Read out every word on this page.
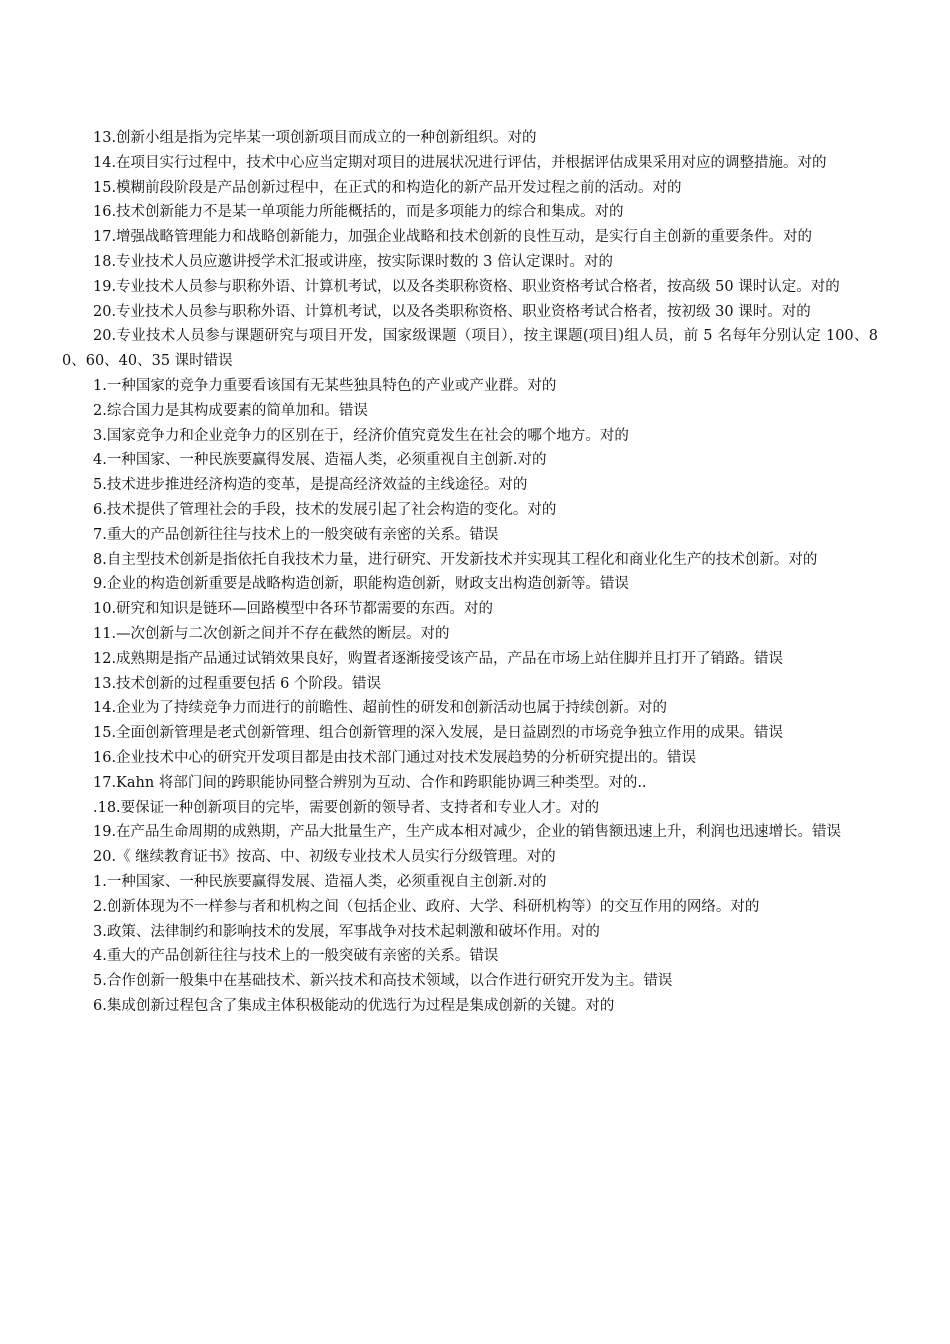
13.创新小组是指为完毕某一项创新项目而成立的一种创新组织。对的

14.在项目实行过程中，技术中心应当定期对项目的进展状况进行评估，并根据评估成果采用对应的调整措施。对的

15.模糊前段阶段是产品创新过程中，在正式的和构造化的新产品开发过程之前的活动。对的

16.技术创新能力不是某一单项能力所能概括的，而是多项能力的综合和集成。对的

17.增强战略管理能力和战略创新能力，加强企业战略和技术创新的良性互动，是实行自主创新的重要条件。对的

18.专业技术人员应邀讲授学术汇报或讲座，按实际课时数的 3 倍认定课时。对的

19.专业技术人员参与职称外语、计算机考试，以及各类职称资格、职业资格考试合格者，按高级 50 课时认定。对的

20.专业技术人员参与职称外语、计算机考试，以及各类职称资格、职业资格考试合格者，按初级 30 课时。对的

20.专业技术人员参与课题研究与项目开发，国家级课题（项目），按主课题(项目)组人员，前 5 名每年分别认定 100、80、60、40、35 课时错误

1.一种国家的竞争力重要看该国有无某些独具特色的产业或产业群。对的

2.综合国力是其构成要素的简单加和。错误

3.国家竞争力和企业竞争力的区别在于，经济价值究竟发生在社会的哪个地方。对的

4.一种国家、一种民族要赢得发展、造福人类，必须重视自主创新.对的

5.技术进步推进经济构造的变革，是提高经济效益的主线途径。对的

6.技术提供了管理社会的手段，技术的发展引起了社会构造的变化。对的

7.重大的产品创新往往与技术上的一般突破有亲密的关系。错误

8.自主型技术创新是指依托自我技术力量，进行研究、开发新技术并实现其工程化和商业化生产的技术创新。对的

9.企业的构造创新重要是战略构造创新，职能构造创新，财政支出构造创新等。错误

10.研究和知识是链环—回路模型中各环节都需要的东西。对的

11.—次创新与二次创新之间并不存在截然的断层。对的

12.成熟期是指产品通过试销效果良好，购置者逐渐接受该产品，产品在市场上站住脚并且打开了销路。错误

13.技术创新的过程重要包括 6 个阶段。错误

14.企业为了持续竞争力而进行的前瞻性、超前性的研发和创新活动也属于持续创新。对的

15.全面创新管理是老式创新管理、组合创新管理的深入发展，是日益剧烈的市场竞争独立作用的成果。错误

16.企业技术中心的研究开发项目都是由技术部门通过对技术发展趋势的分析研究提出的。错误

17.Kahn 将部门间的跨职能协同整合辨别为互动、合作和跨职能协调三种类型。对的..

.18.要保证一种创新项目的完毕，需要创新的领导者、支持者和专业人才。对的

19.在产品生命周期的成熟期，产品大批量生产，生产成本相对减少，企业的销售额迅速上升，利润也迅速增长。错误

20.《 继续教育证书》按高、中、初级专业技术人员实行分级管理。对的

1.一种国家、一种民族要赢得发展、造福人类，必须重视自主创新.对的

2.创新体现为不一样参与者和机构之间（包括企业、政府、大学、科研机构等）的交互作用的网络。对的

3.政策、法律制约和影响技术的发展，军事战争对技术起刺激和破坏作用。对的

4.重大的产品创新往往与技术上的一般突破有亲密的关系。错误

5.合作创新一般集中在基础技术、新兴技术和高技术领域，以合作进行研究开发为主。错误

6.集成创新过程包含了集成主体积极能动的优选行为过程是集成创新的关键。对的
